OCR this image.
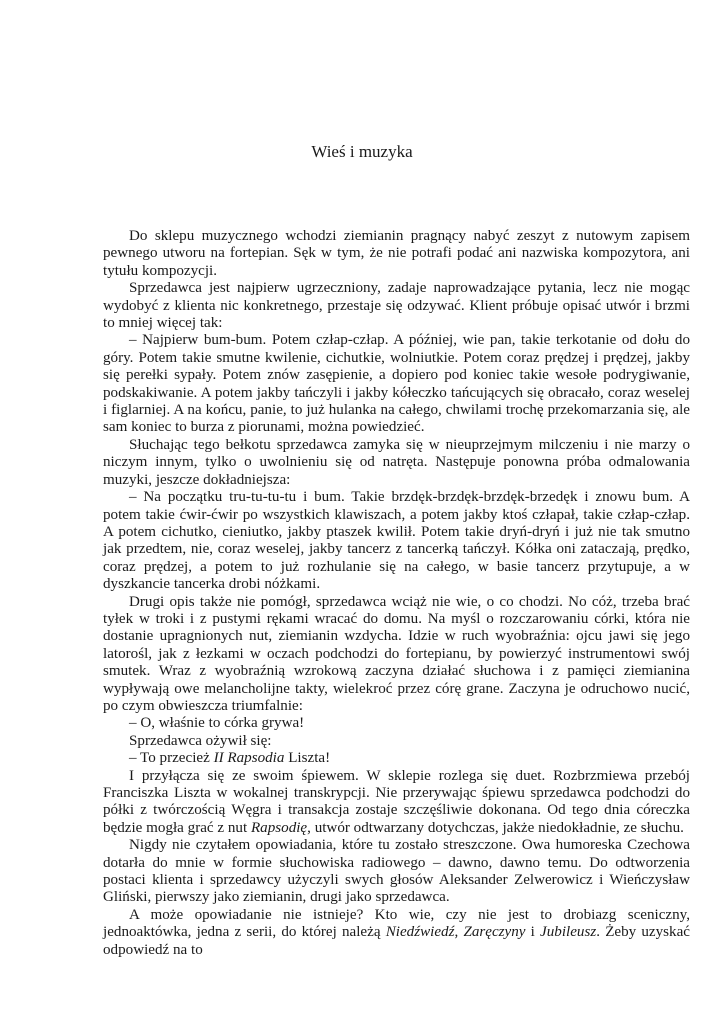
Wieś i muzyka

Do sklepu muzycznego wchodzi ziemianin pragnący nabyć zeszyt z nutowym zapisem pewnego utworu na fortepian. Sęk w tym, że nie potrafi podać ani nazwiska kompozytora, ani tytułu kompozycji.

Sprzedawca jest najpierw ugrzeczniony, zadaje naprowadzające pytania, lecz nie mogąc wydobyć z klienta nic konkretnego, przestaje się odzywać. Klient próbuje opisać utwór i brzmi to mniej więcej tak:

– Najpierw bum-bum. Potem człap-człap. A później, wie pan, takie terkotanie od dołu do góry. Potem takie smutne kwilenie, cichutkie, wolniutkie. Potem coraz prędzej i prędzej, jakby się perełki sypały. Potem znów zasępienie, a dopiero pod koniec takie wesołe podrygiwanie, podskakiwanie. A potem jakby tańczyli i jakby kółeczko tańcujących się obracało, coraz weselej i figlarniej. A na końcu, panie, to już hulanka na całego, chwilami trochę przekomarzania się, ale sam koniec to burza z piorunami, można powiedzieć.

Słuchając tego bełkotu sprzedawca zamyka się w nieuprzejmym milczeniu i nie marzy o niczym innym, tylko o uwolnieniu się od natręta. Następuje ponowna próba odmalowania muzyki, jeszcze dokładniejsza:

– Na początku tru-tu-tu-tu i bum. Takie brzdęk-brzdęk-brzdęk-brzedęk i znowu bum. A potem takie ćwir-ćwir po wszystkich klawiszach, a potem jakby ktoś człapał, takie człap-człap. A potem cichutko, cieniutko, jakby ptaszek kwilił. Potem takie dryń-dryń i już nie tak smutno jak przedtem, nie, coraz weselej, jakby tancerz z tancerką tańczył. Kółka oni zataczają, prędko, coraz prędzej, a potem to już rozhulanie się na całego, w basie tancerz przytupuje, a w dyszkancie tancerka drobi nóżkami.

Drugi opis także nie pomógł, sprzedawca wciąż nie wie, o co chodzi. No cóż, trzeba brać tyłek w troki i z pustymi rękami wracać do domu. Na myśl o rozczarowaniu córki, która nie dostanie upragnionych nut, ziemianin wzdycha. Idzie w ruch wyobraźnia: ojcu jawi się jego latorośl, jak z łezkami w oczach podchodzi do fortepianu, by powierzyć instrumentowi swój smutek. Wraz z wyobraźnią wzrokową zaczyna działać słuchowa i z pamięci ziemianina wypływają owe melancholijne takty, wielekroć przez córę grane. Zaczyna je odruchowo nucić, po czym obwieszcza triumfalnie:

– O, właśnie to córka grywa!

Sprzedawca ożywił się:

– To przecież II Rapsodia Liszta!

I przyłącza się ze swoim śpiewem. W sklepie rozlega się duet. Rozbrzmiewa przebój Franciszka Liszta w wokalnej transkrypcji. Nie przerywając śpiewu sprzedawca podchodzi do półki z twórczością Węgra i transakcja zostaje szczęśliwie dokonana. Od tego dnia córeczka będzie mogła grać z nut Rapsodię, utwór odtwarzany dotychczas, jakże niedokładnie, ze słuchu.

Nigdy nie czytałem opowiadania, które tu zostało streszczone. Owa humoreska Czechowa dotarła do mnie w formie słuchowiska radiowego – dawno, dawno temu. Do odtworzenia postaci klienta i sprzedawcy użyczyli swych głosów Aleksander Zelwerowicz i Wieńczysław Gliński, pierwszy jako ziemianin, drugi jako sprzedawca.

A może opowiadanie nie istnieje? Kto wie, czy nie jest to drobiazg sceniczny, jednoaktówka, jedna z serii, do której należą Niedźwiedź, Zaręczyny i Jubileusz. Żeby uzyskać odpowiedź na to
